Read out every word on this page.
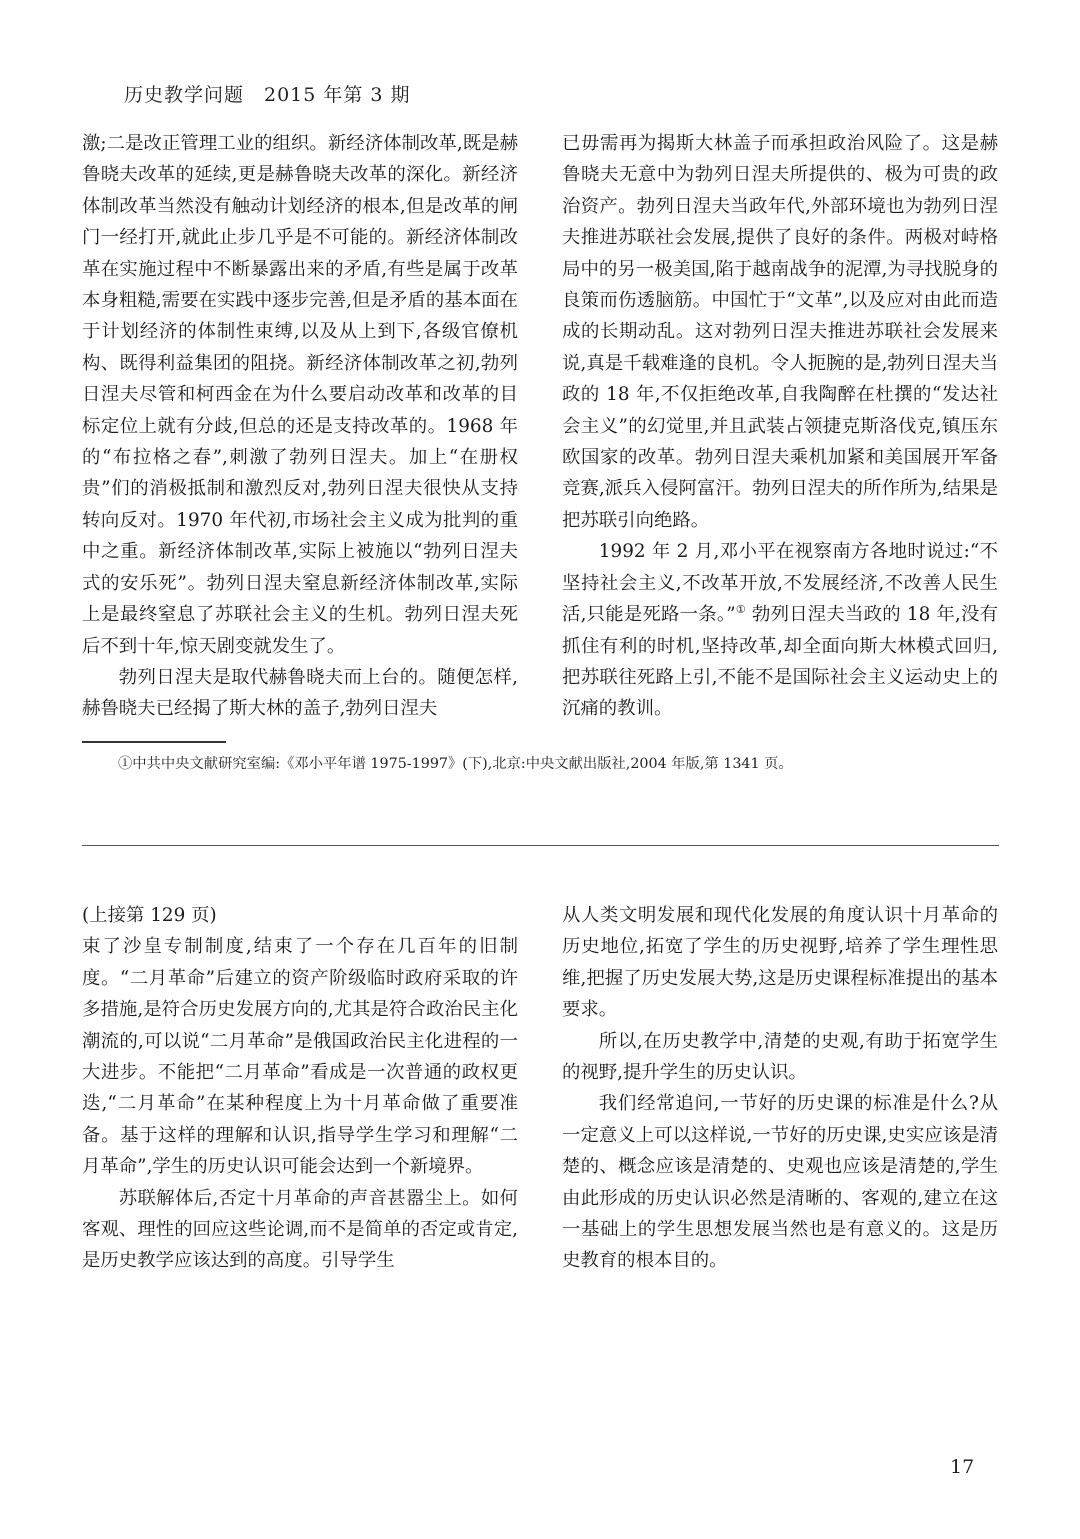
历史教学问题　2015 年第 3 期

激;二是改正管理工业的组织。新经济体制改革,既是赫鲁晓夫改革的延续,更是赫鲁晓夫改革的深化。新经济体制改革当然没有触动计划经济的根本,但是改革的闸门一经打开,就此止步几乎是不可能的。新经济体制改革在实施过程中不断暴露出来的矛盾,有些是属于改革本身粗糙,需要在实践中逐步完善,但是矛盾的基本面在于计划经济的体制性束缚,以及从上到下,各级官僚机构、既得利益集团的阻挠。新经济体制改革之初,勃列日涅夫尽管和柯西金在为什么要启动改革和改革的目标定位上就有分歧,但总的还是支持改革的。1968 年的“布拉格之春”,刺激了勃列日涅夫。加上“在册权贵”们的消极抵制和激烈反对,勃列日涅夫很快从支持转向反对。1970 年代初,市场社会主义成为批判的重中之重。新经济体制改革,实际上被施以“勃列日涅夫式的安乐死”。勃列日涅夫窒息新经济体制改革,实际上是最终窒息了苏联社会主义的生机。勃列日涅夫死后不到十年,惊天剧变就发生了。

勃列日涅夫是取代赫鲁晓夫而上台的。随便怎样,赫鲁晓夫已经揭了斯大林的盖子,勃列日涅夫

已毋需再为揭斯大林盖子而承担政治风险了。这是赫鲁晓夫无意中为勃列日涅夫所提供的、极为可贵的政治资产。勃列日涅夫当政年代,外部环境也为勃列日涅夫推进苏联社会发展,提供了良好的条件。两极对峙格局中的另一极美国,陷于越南战争的泥潭,为寻找脱身的良策而伤透脑筋。中国忙于“文革”,以及应对由此而造成的长期动乱。这对勃列日涅夫推进苏联社会发展来说,真是千载难逢的良机。令人扼腕的是,勃列日涅夫当政的 18 年,不仅拒绝改革,自我陶醉在杜撰的“发达社会主义”的幻觉里,并且武装占领捷克斯洛伐克,镇压东欧国家的改革。勃列日涅夫乘机加紧和美国展开军备竞赛,派兵入侵阿富汗。勃列日涅夫的所作所为,结果是把苏联引向绝路。

1992 年 2 月,邓小平在视察南方各地时说过:“不坚持社会主义,不改革开放,不发展经济,不改善人民生活,只能是死路一条。”① 勃列日涅夫当政的 18 年,没有抓住有利的时机,坚持改革,却全面向斯大林模式回归,把苏联往死路上引,不能不是国际社会主义运动史上的沉痛的教训。

①中共中央文献研究室编:《邓小平年谱 1975-1997》(下),北京:中央文献出版社,2004 年版,第 1341 页。

(上接第 129 页)

束了沙皇专制制度,结束了一个存在几百年的旧制度。“二月革命”后建立的资产阶级临时政府采取的许多措施,是符合历史发展方向的,尤其是符合政治民主化潮流的,可以说“二月革命”是俄国政治民主化进程的一大进步。不能把“二月革命”看成是一次普通的政权更迭,“二月革命”在某种程度上为十月革命做了重要准备。基于这样的理解和认识,指导学生学习和理解“二月革命”,学生的历史认识可能会达到一个新境界。

苏联解体后,否定十月革命的声音甚嚣尘上。如何客观、理性的回应这些论调,而不是简单的否定或肯定,是历史教学应该达到的高度。引导学生

从人类文明发展和现代化发展的角度认识十月革命的历史地位,拓宽了学生的历史视野,培养了学生理性思维,把握了历史发展大势,这是历史课程标准提出的基本要求。

所以,在历史教学中,清楚的史观,有助于拓宽学生的视野,提升学生的历史认识。

我们经常追问,一节好的历史课的标准是什么?从一定意义上可以这样说,一节好的历史课,史实应该是清楚的、概念应该是清楚的、史观也应该是清楚的,学生由此形成的历史认识必然是清晰的、客观的,建立在这一基础上的学生思想发展当然也是有意义的。这是历史教育的根本目的。

17
